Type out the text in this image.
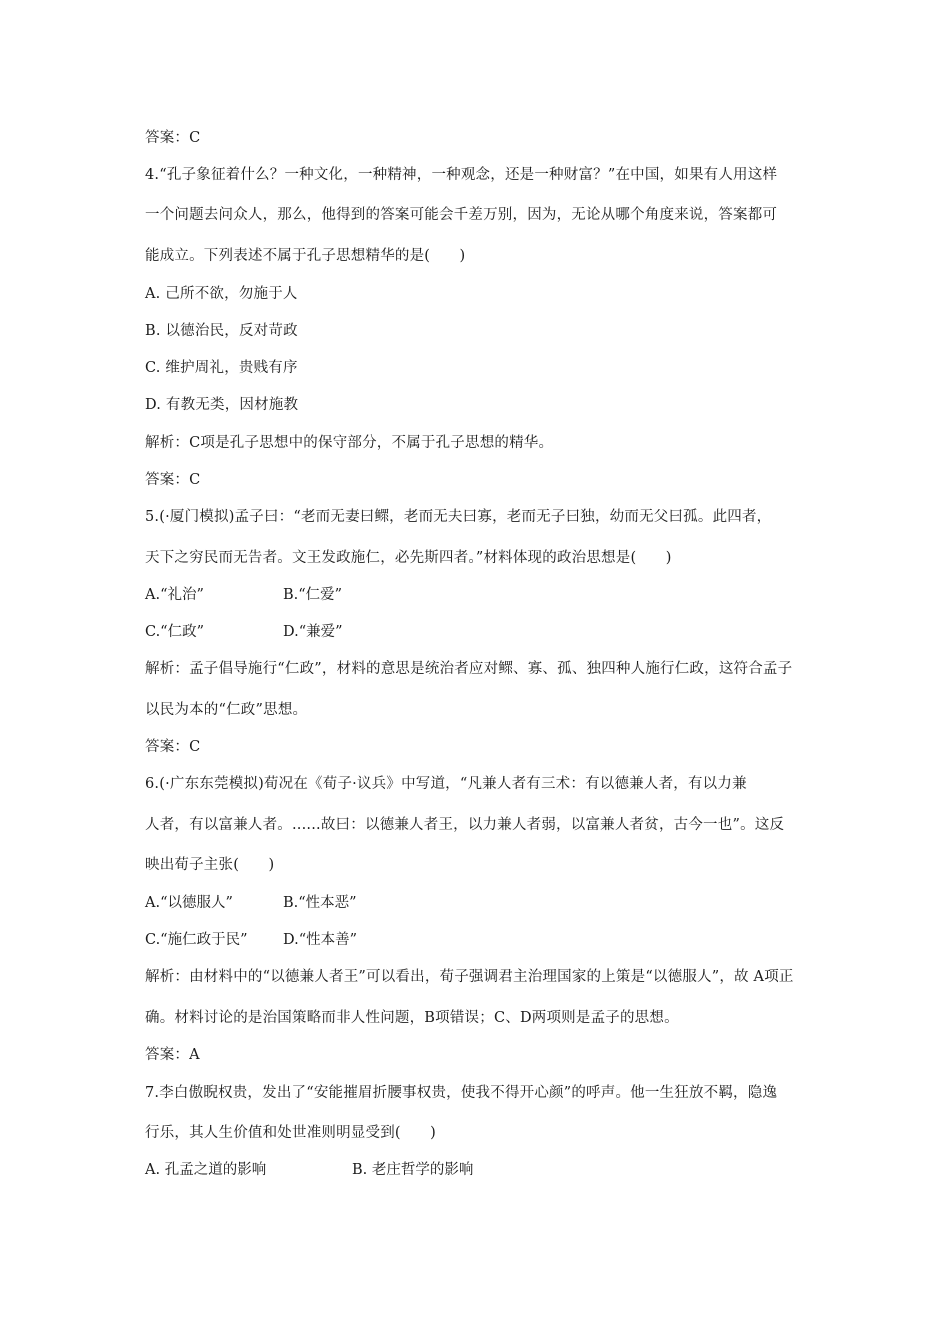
答案：C
4.“孔子象征着什么？一种文化，一种精神，一种观念，还是一种财富？”在中国，如果有人用这样
一个问题去问众人，那么，他得到的答案可能会千差万别，因为，无论从哪个角度来说，答案都可
能成立。下列表述不属于孔子思想精华的是(　　)
A. 己所不欲，勿施于人
B. 以德治民，反对苛政
C. 维护周礼，贵贱有序
D. 有教无类，因材施教
解析：C项是孔子思想中的保守部分，不属于孔子思想的精华。
答案：C
5.(·厦门模拟)孟子曰：“老而无妻曰鳏，老而无夫曰寡，老而无子曰独，幼而无父曰孤。此四者，
天下之穷民而无告者。文王发政施仁，必先斯四者。”材料体现的政治思想是(　　)
A.“礼治”	B.“仁爱”
C.“仁政”	D.“兼爱”
解析：孟子倡导施行“仁政”，材料的意思是统治者应对鳏、寡、孤、独四种人施行仁政，这符合孟子
以民为本的“仁政”思想。
答案：C
6.(·广东东莞模拟)荀况在《荀子·议兵》中写道，“凡兼人者有三术：有以德兼人者，有以力兼
人者，有以富兼人者。......故曰：以德兼人者王，以力兼人者弱，以富兼人者贫，古今一也”。这反
映出荀子主张(　　)
A.“以德服人”	B.“性本恶”
C.“施仁政于民” D.“性本善”
解析：由材料中的“以德兼人者王”可以看出，荀子强调君主治理国家的上策是“以德服人”，故 A项正
确。材料讨论的是治国策略而非人性问题，B项错误；C、D两项则是孟子的思想。
答案：A
7.李白傲睨权贵，发出了“安能摧眉折腰事权贵，使我不得开心颜”的呼声。他一生狂放不羁，隐逸
行乐，其人生价值和处世准则明显受到(　　)
A. 孔孟之道的影响	B. 老庄哲学的影响
